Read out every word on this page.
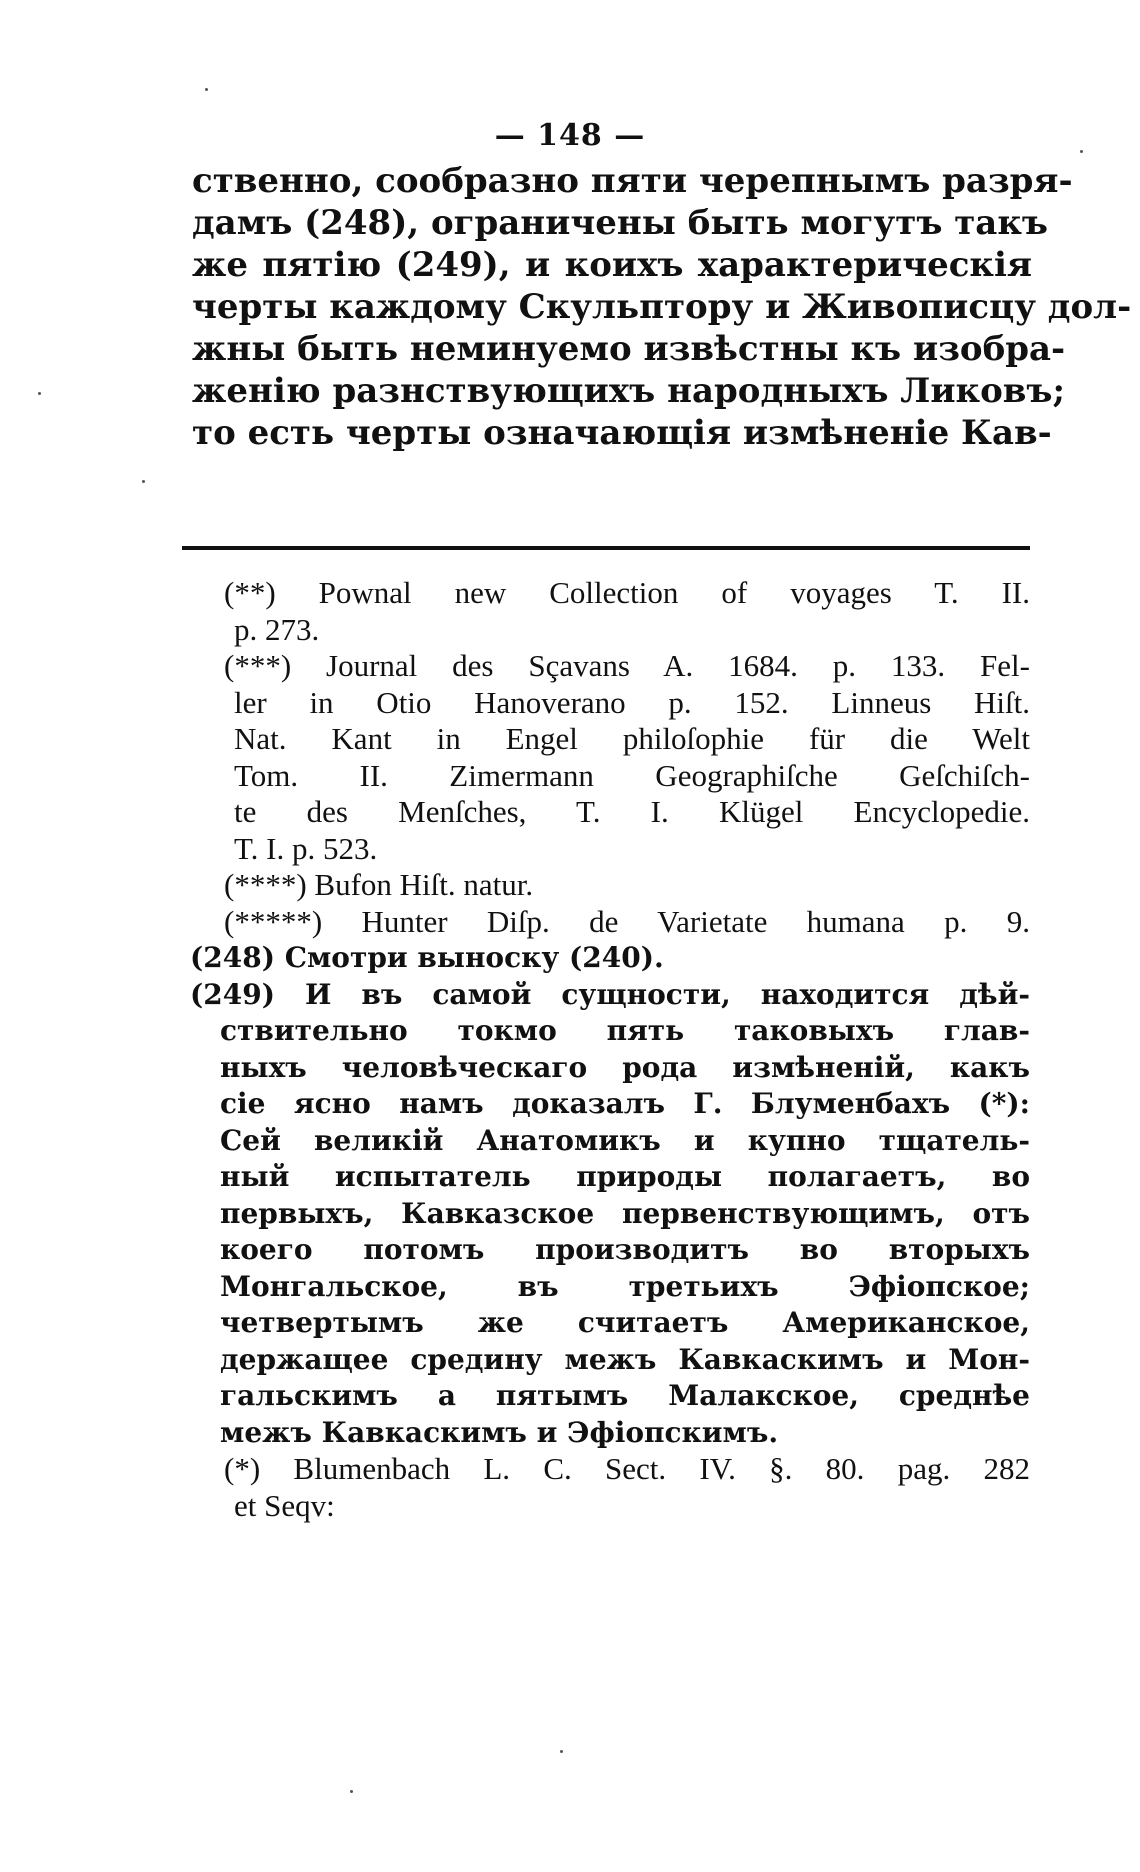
— 148 —
ственно, сообразно пяти черепнымъ разря-
дамъ (248), ограничены быть могутъ такъ
же пятію (249), и коихъ характерическія
черты каждому Скульптору и Живописцу дол-
жны быть неминуемо извѣстны къ изобра-
женію разнствующихъ народныхъ Ликовъ;
то есть черты означающія измѣненіе Кав-
(**) Pownal new Collection of voyages T. II.
p. 273.
(***) Journal des Sçavans A. 1684. p. 133. Fel-
ler in Otio Hanoverano p. 152. Linneus Hiſt.
Nat. Kant in Engel philoſophie für die Welt
Tom. II. Zimermann Geographiſche Geſchiſch-
te des Menſches, T. I. Klügel Encyclopedie.
T. I. p. 523.
(****) Bufon Hiſt. natur.
(*****) Hunter Diſp. de Varietate humana p. 9.
(248) Смотри выноску (240).
(249) И въ самой сущности, находится дѣй-
ствительно токмо пять таковыхъ глав-
ныхъ человѣческаго рода измѣненій, какъ
сіе ясно намъ доказалъ Г. Блуменбахъ (*):
Сей великій Анатомикъ и купно тщатель-
ный испытатель природы полагаетъ, во
первыхъ, Кавказское первенствующимъ, отъ
коего потомъ производитъ во вторыхъ
Монгальское, въ третьихъ Эфіопское;
четвертымъ же считаетъ Американское,
держащее средину межъ Кавкаскимъ и Мон-
гальскимъ а пятымъ Малакское, среднѣе
межъ Кавкаскимъ и Эфіопскимъ.
(*) Blumenbach L. C. Sect. IV. §. 80. pag. 282
et Seqv:
